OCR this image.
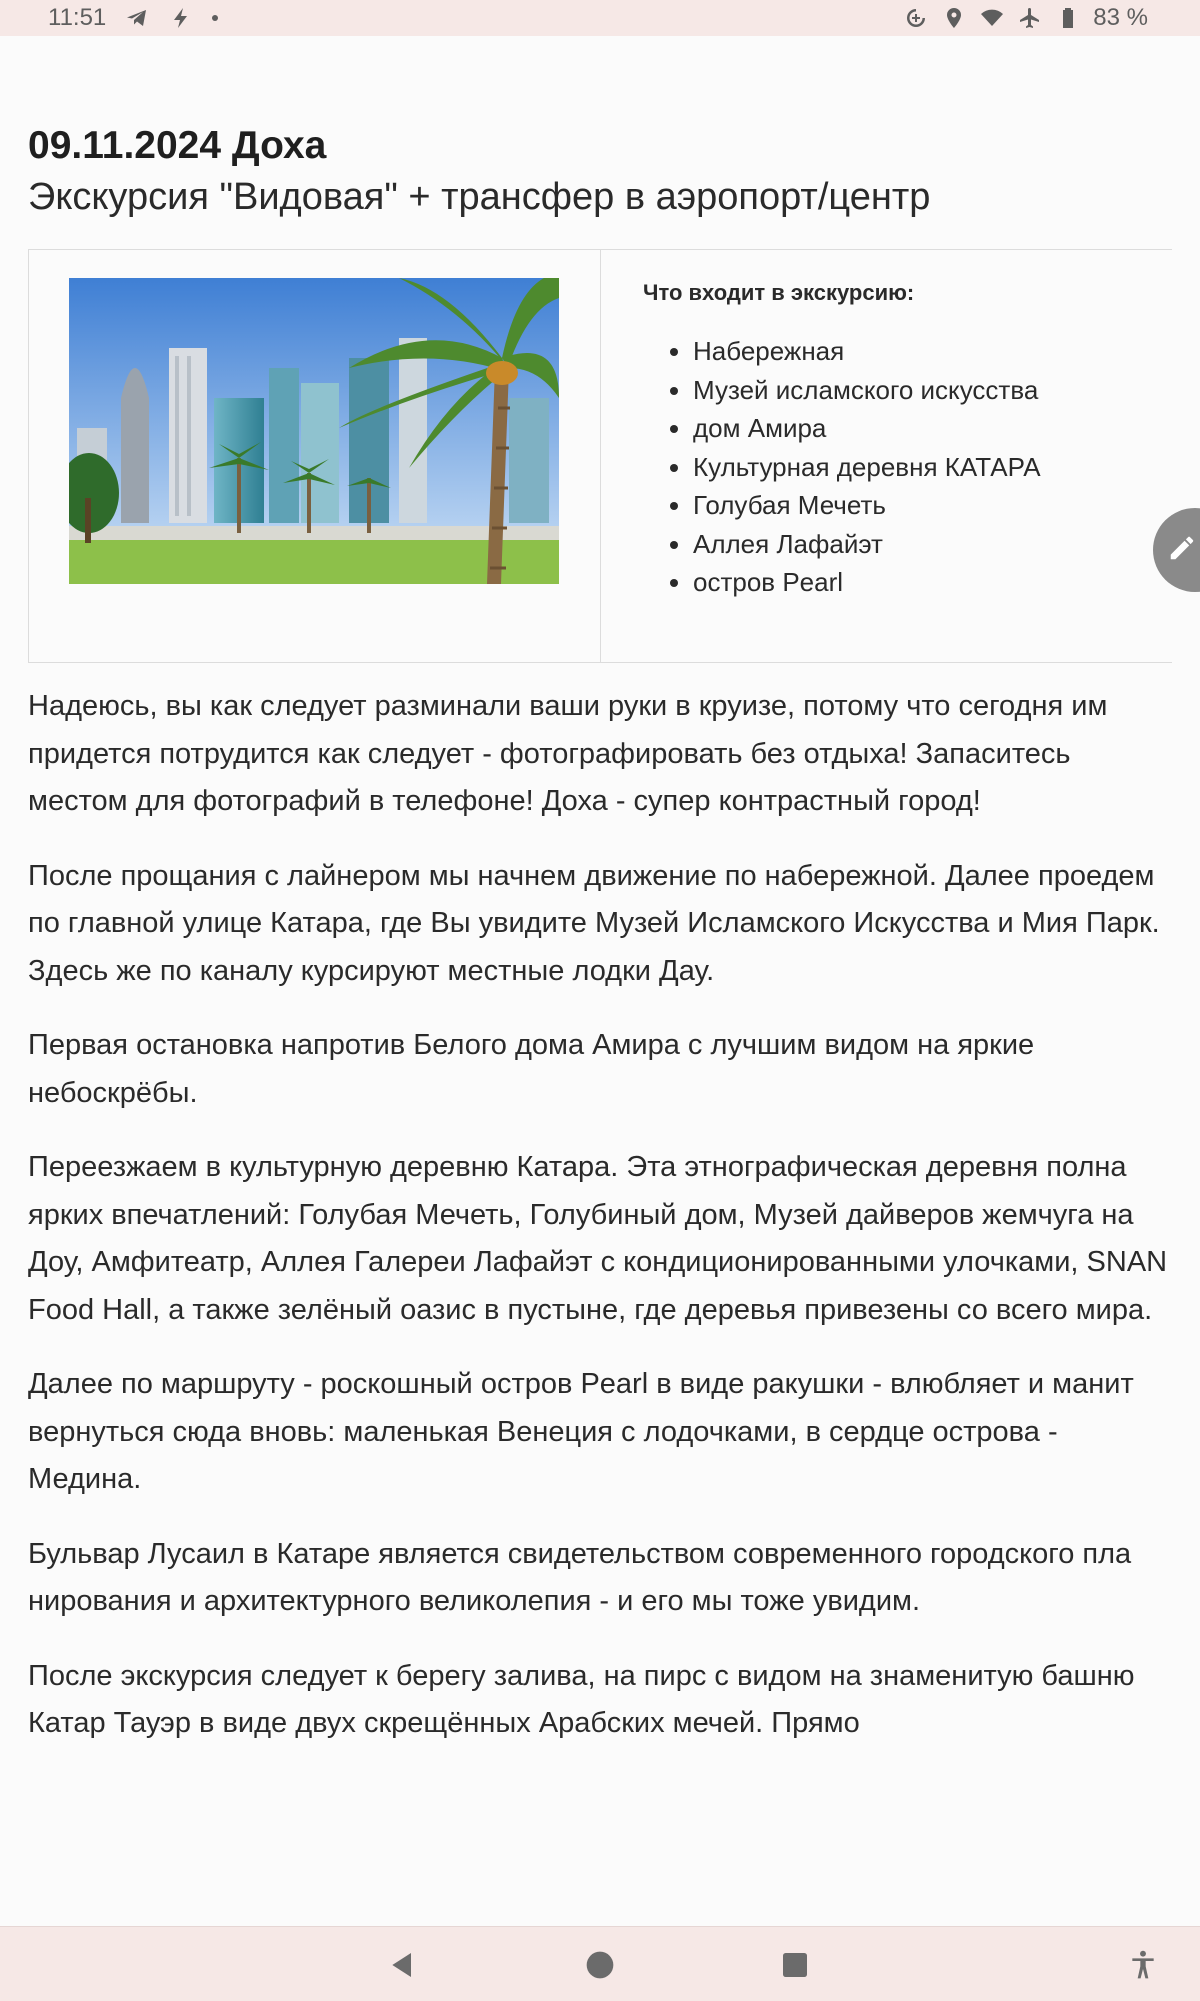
11:51	83 %
09.11.2024 Доха
Экскурсия "Видовая" + трансфер в аэропорт/центр
Что входит в экскурсию:
• Набережная
• Музей исламского искусства
• дом Амира
• Культурная деревня КАТАРА
• Голубая Мечеть
• Аллея Лафайэт
• остров Pearl

Надеюсь, вы как следует разминали ваши руки в круизе, потому что сегодня им придется потрудится как следует - фотографировать без отдыха! Запаситесь местом для фотографий в телефоне! Доха - супер контрастный город!

После прощания с лайнером мы начнем движение по набережной. Далее проедем по главной улице Катара, где Вы увидите Музей Исламского Искусства и Мия Парк. Здесь же по каналу курсируют местные лодки Дау.

Первая остановка напротив Белого дома Амира с лучшим видом на яркие небоскрёбы.

Переезжаем в культурную деревню Катара. Эта этнографическая деревня полна ярких впечатлений: Голубая Мечеть, Голубиный дом, Музей дайверов жемчуга на Доу, Амфитеатр, Аллея Галереи Лафайэт с кондиционированными улочками, SNAN Food Hall, а также зелёный оазис в пустыне, где деревья привезены со всего мира.

Далее по маршруту - роскошный остров Pearl в виде ракушки - влюбляет и манит вернуться сюда вновь: маленькая Венеция с лодочками, в сердце острова - Медина.

Бульвар Лусаил в Катаре является свидетельством современного городского пла нирования и архитектурного великолепия - и его мы тоже увидим.

После экскурсия следует к берегу залива, на пирс с видом на знаменитую башню Катар Тауэр в виде двух скрещённых Арабских мечей. Прямо
